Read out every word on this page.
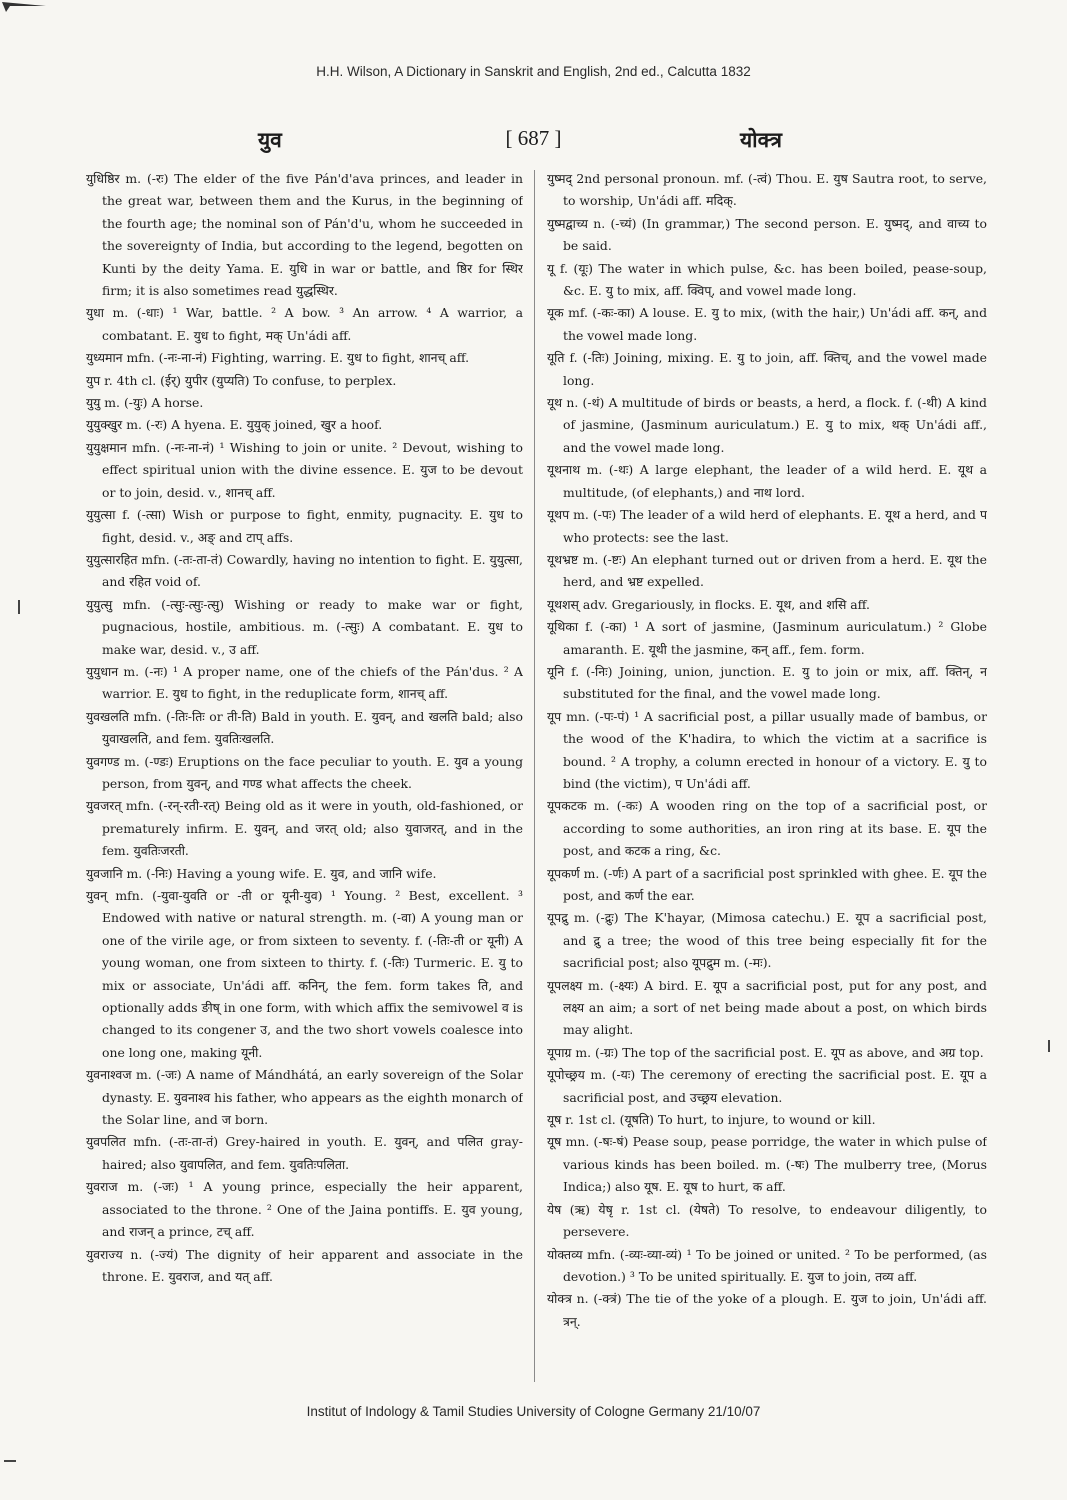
H.H. Wilson, A Dictionary in Sanskrit and English, 2nd ed., Calcutta 1832
युव	[ 687 ]	योक्त्र

युधिष्ठिर m. (-रः) The elder of the five Pán'd'ava princes, and leader in the great war, between them and the Kurus, in the beginning of the fourth age; the nominal son of Pán'd'u, whom he succeeded in the sovereignty of India, but according to the legend, begotten on Kunti by the deity Yama. E. युधि in war or battle, and ष्ठिर for स्थिर firm; it is also sometimes read युद्धस्थिर.

युधा m. (-धाः) ¹ War, battle. ² A bow. ³ An arrow. ⁴ A warrior, a combatant. E. युध to fight, मक् Un'ádi aff.

युध्यमान mfn. (-नः-ना-नं) Fighting, warring. E. युध to fight, शानच् aff.

युप r. 4th cl. (ईर्) युपीर (युप्यति) To confuse, to perplex.

युयु m. (-युः) A horse.

युयुक्खुर m. (-रः) A hyena. E. युयुक् joined, खुर a hoof.

युयुक्षमान mfn. (-नः-ना-नं) ¹ Wishing to join or unite. ² Devout, wishing to effect spiritual union with the divine essence. E. युज to be devout or to join, desid. v., शानच् aff.

युयुत्सा f. (-त्सा) Wish or purpose to fight, enmity, pugnacity. E. युध to fight, desid. v., अङ् and टाप् affs.

युयुत्सारहित mfn. (-तः-ता-तं) Cowardly, having no intention to fight. E. युयुत्सा, and रहित void of.

युयुत्सु mfn. (-त्सुः-त्सुः-त्सु) Wishing or ready to make war or fight, pugnacious, hostile, ambitious. m. (-त्सुः) A combatant. E. युध to make war, desid. v., उ aff.

युयुधान m. (-नः) ¹ A proper name, one of the chiefs of the Pán'dus. ² A warrior. E. युध to fight, in the reduplicate form, शानच् aff.

युवखलति mfn. (-तिः-तिः or ती-ति) Bald in youth. E. युवन्, and खलति bald; also युवाखलति, and fem. युवतिःखलति.

युवगण्ड m. (-ण्डः) Eruptions on the face peculiar to youth. E. युव a young person, from युवन्, and गण्ड what affects the cheek.

युवजरत् mfn. (-रन्-रती-रत्) Being old as it were in youth, old-fashioned, or prematurely infirm. E. युवन्, and जरत् old; also युवाजरत्, and in the fem. युवतिःजरती.

युवजानि m. (-निः) Having a young wife. E. युव, and जानि wife.

युवन् mfn. (-युवा-युवति or -ती or यूनी-युव) ¹ Young. ² Best, excellent. ³ Endowed with native or natural strength. m. (-वा) A young man or one of the virile age, or from sixteen to seventy. f. (-तिः-ती or यूनी) A young woman, one from sixteen to thirty. f. (-तिः) Turmeric. E. यु to mix or associate, Un'ádi aff. कनिन्, the fem. form takes ति, and optionally adds ङीष् in one form, with which affix the semivowel व is changed to its congener उ, and the two short vowels coalesce into one long one, making यूनी.

युवनाश्वज m. (-जः) A name of Mándhátá, an early sovereign of the Solar dynasty. E. युवनाश्व his father, who appears as the eighth monarch of the Solar line, and ज born.

युवपलित mfn. (-तः-ता-तं) Grey-haired in youth. E. युवन्, and पलित gray-haired; also युवापलित, and fem. युवतिःपलिता.

युवराज m. (-जः) ¹ A young prince, especially the heir apparent, associated to the throne. ² One of the Jaina pontiffs. E. युव young, and राजन् a prince, टच् aff.

युवराज्य n. (-ज्यं) The dignity of heir apparent and associate in the throne. E. युवराज, and यत् aff.

युष्मद् 2nd personal pronoun. mf. (-त्वं) Thou. E. युष Sautra root, to serve, to worship, Un'ádi aff. मदिक्.

युष्मद्वाच्य n. (-च्यं) (In grammar,) The second person. E. युष्मद्, and वाच्य to be said.

यू f. (यूः) The water in which pulse, &c. has been boiled, pease-soup, &c. E. यु to mix, aff. क्विप्, and vowel made long.

यूक mf. (-कः-का) A louse. E. यु to mix, (with the hair,) Un'ádi aff. कन्, and the vowel made long.

यूति f. (-तिः) Joining, mixing. E. यु to join, aff. क्तिच्, and the vowel made long.

यूथ n. (-थं) A multitude of birds or beasts, a herd, a flock. f. (-थी) A kind of jasmine, (Jasminum auriculatum.) E. यु to mix, थक् Un'ádi aff., and the vowel made long.

यूथनाथ m. (-थः) A large elephant, the leader of a wild herd. E. यूथ a multitude, (of elephants,) and नाथ lord.

यूथप m. (-पः) The leader of a wild herd of elephants. E. यूथ a herd, and प who protects: see the last.

यूथभ्रष्ट m. (-ष्टः) An elephant turned out or driven from a herd. E. यूथ the herd, and भ्रष्ट expelled.

यूथशस् adv. Gregariously, in flocks. E. यूथ, and शसि aff.

यूथिका f. (-का) ¹ A sort of jasmine, (Jasminum auriculatum.) ² Globe amaranth. E. यूथी the jasmine, कन् aff., fem. form.

यूनि f. (-निः) Joining, union, junction. E. यु to join or mix, aff. क्तिन्, न substituted for the final, and the vowel made long.

यूप mn. (-पः-पं) ¹ A sacrificial post, a pillar usually made of bambus, or the wood of the K'hadira, to which the victim at a sacrifice is bound. ² A trophy, a column erected in honour of a victory. E. यु to bind (the victim), प Un'ádi aff.

यूपकटक m. (-कः) A wooden ring on the top of a sacrificial post, or according to some authorities, an iron ring at its base. E. यूप the post, and कटक a ring, &c.

यूपकर्ण m. (-र्णः) A part of a sacrificial post sprinkled with ghee. E. यूप the post, and कर्ण the ear.

यूपद्रु m. (-द्रुः) The K'hayar, (Mimosa catechu.) E. यूप a sacrificial post, and द्रु a tree; the wood of this tree being especially fit for the sacrificial post; also यूपद्रुम m. (-मः).

यूपलक्ष्य m. (-क्ष्यः) A bird. E. यूप a sacrificial post, put for any post, and लक्ष्य an aim; a sort of net being made about a post, on which birds may alight.

यूपाग्र m. (-ग्रः) The top of the sacrificial post. E. यूप as above, and अग्र top.

यूपोच्छ्रय m. (-यः) The ceremony of erecting the sacrificial post. E. यूप a sacrificial post, and उच्छ्रय elevation.

यूष r. 1st cl. (यूषति) To hurt, to injure, to wound or kill.

यूष mn. (-षः-षं) Pease soup, pease porridge, the water in which pulse of various kinds has been boiled. m. (-षः) The mulberry tree, (Morus Indica;) also यूष. E. यूष to hurt, क aff.

येष (ऋ) येषृ r. 1st cl. (येषते) To resolve, to endeavour diligently, to persevere.

योक्तव्य mfn. (-व्यः-व्या-व्यं) ¹ To be joined or united. ² To be performed, (as devotion.) ³ To be united spiritually. E. युज to join, तव्य aff.

योक्त्र n. (-क्त्रं) The tie of the yoke of a plough. E. युज to join, Un'ádi aff. त्रन्.

Institut of Indology & Tamil Studies University of Cologne Germany 21/10/07
